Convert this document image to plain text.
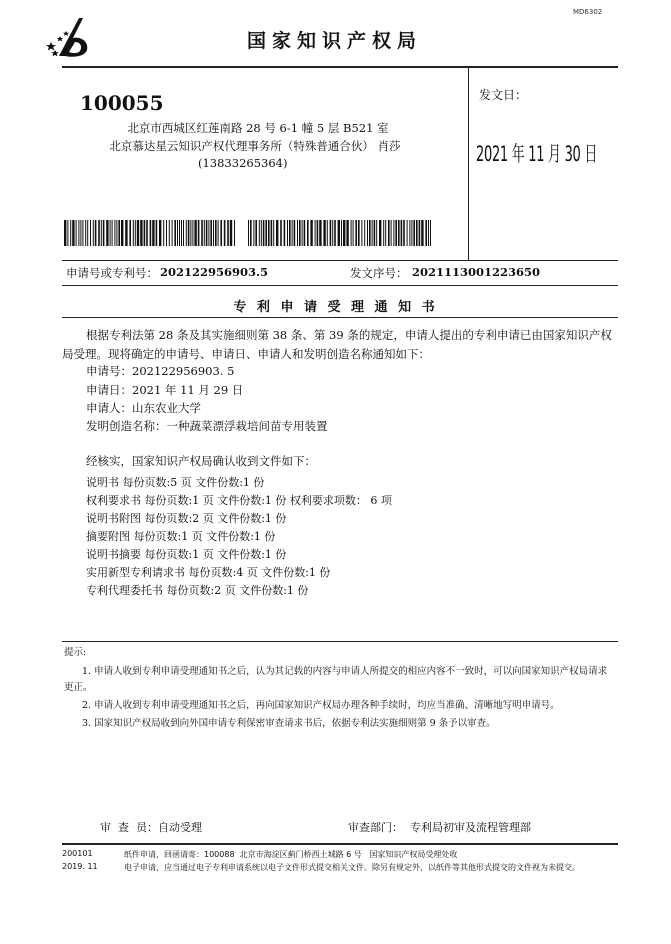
MD6302
国家知识产权局
100055
北京市西城区红莲南路 28 号 6-1 幢 5 层 B521 室
北京慕达星云知识产权代理事务所（特殊普通合伙） 肖莎
(13833265364)
发文日：
2021 年 11 月 30 日
申请号或专利号： 202122956903.5	发文序号： 2021113001223650
专 利 申 请 受 理 通 知 书
根据专利法第 28 条及其实施细则第 38 条、第 39 条的规定，申请人提出的专利申请已由国家知识产权局受理。现将确定的申请号、申请日、申请人和发明创造名称通知如下：
申请号：202122956903. 5
申请日：2021 年 11 月 29 日
申请人：山东农业大学
发明创造名称：一种蔬菜漂浮栽培间苗专用装置
经核实，国家知识产权局确认收到文件如下：
说明书 每份页数:5 页 文件份数:1 份
权利要求书 每份页数:1 页 文件份数:1 份 权利要求项数： 6 项
说明书附图 每份页数:2 页 文件份数:1 份
摘要附图 每份页数:1 页 文件份数:1 份
说明书摘要 每份页数:1 页 文件份数:1 份
实用新型专利请求书 每份页数:4 页 文件份数:1 份
专利代理委托书 每份页数:2 页 文件份数:1 份
提示:
1. 申请人收到专利申请受理通知书之后，认为其记载的内容与申请人所提交的相应内容不一致时，可以向国家知识产权局请求更正。
2. 申请人收到专利申请受理通知书之后，再向国家知识产权局办理各种手续时，均应当准确、清晰地写明申请号。
3. 国家知识产权局收到向外国申请专利保密审查请求书后，依据专利法实施细则第 9 条予以审查。
审  查  员：自动受理	审查部门：  专利局初审及流程管理部
200101
2019. 11
纸件申请，回函请寄：100088  北京市海淀区蓟门桥西土城路 6 号   国家知识产权局受理处收
电子申请，应当通过电子专利申请系统以电子文件形式提交相关文件。除另有规定外，以纸件等其他形式提交的文件视为未提交。
